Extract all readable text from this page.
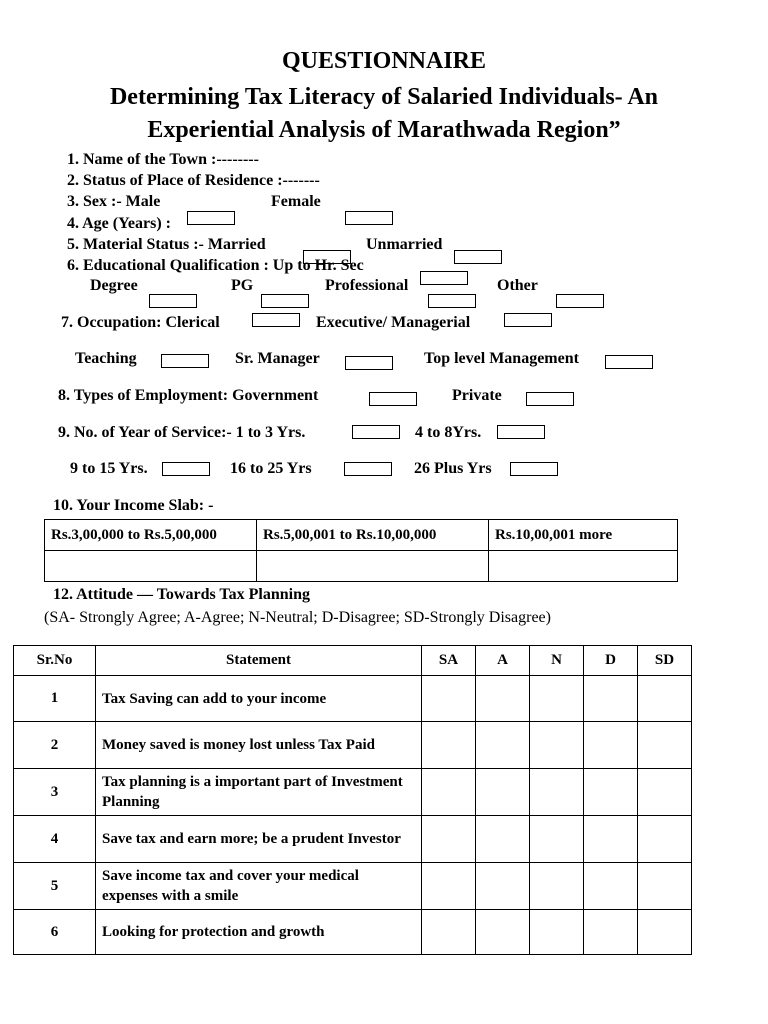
QUESTIONNAIRE
Determining Tax Literacy of Salaried Individuals- An
Experiential Analysis of Marathwada Region”
1. Name of the Town :--------
2. Status of Place of Residence :-------
3. Sex :- Male	Female
4. Age (Years) :
5. Material Status :- Married	Unmarried
6. Educational Qualification : Up to Hr. Sec
Degree	PG	Professional	Other
7. Occupation: Clerical	Executive/ Managerial
Teaching	Sr. Manager	Top level Management
8. Types of Employment: Government	Private
9. No. of Year of Service:- 1 to 3 Yrs.	4 to 8Yrs.
9 to 15 Yrs.	16 to 25 Yrs	26 Plus Yrs
10. Your Income Slab: -
Rs.3,00,000 to Rs.5,00,000	Rs.5,00,001 to Rs.10,00,000	Rs.10,00,001 more

12. Attitude — Towards Tax Planning
(SA- Strongly Agree; A-Agree; N-Neutral; D-Disagree; SD-Strongly Disagree)
Sr.No	Statement	SA	A	N	D	SD
1	Tax Saving can add to your income					
2	Money saved is money lost unless Tax Paid					
3	Tax planning is a important part of Investment Planning					
4	Save tax and earn more; be a prudent Investor					
5	Save income tax and cover your medical expenses with a smile					
6	Looking for protection and growth					
